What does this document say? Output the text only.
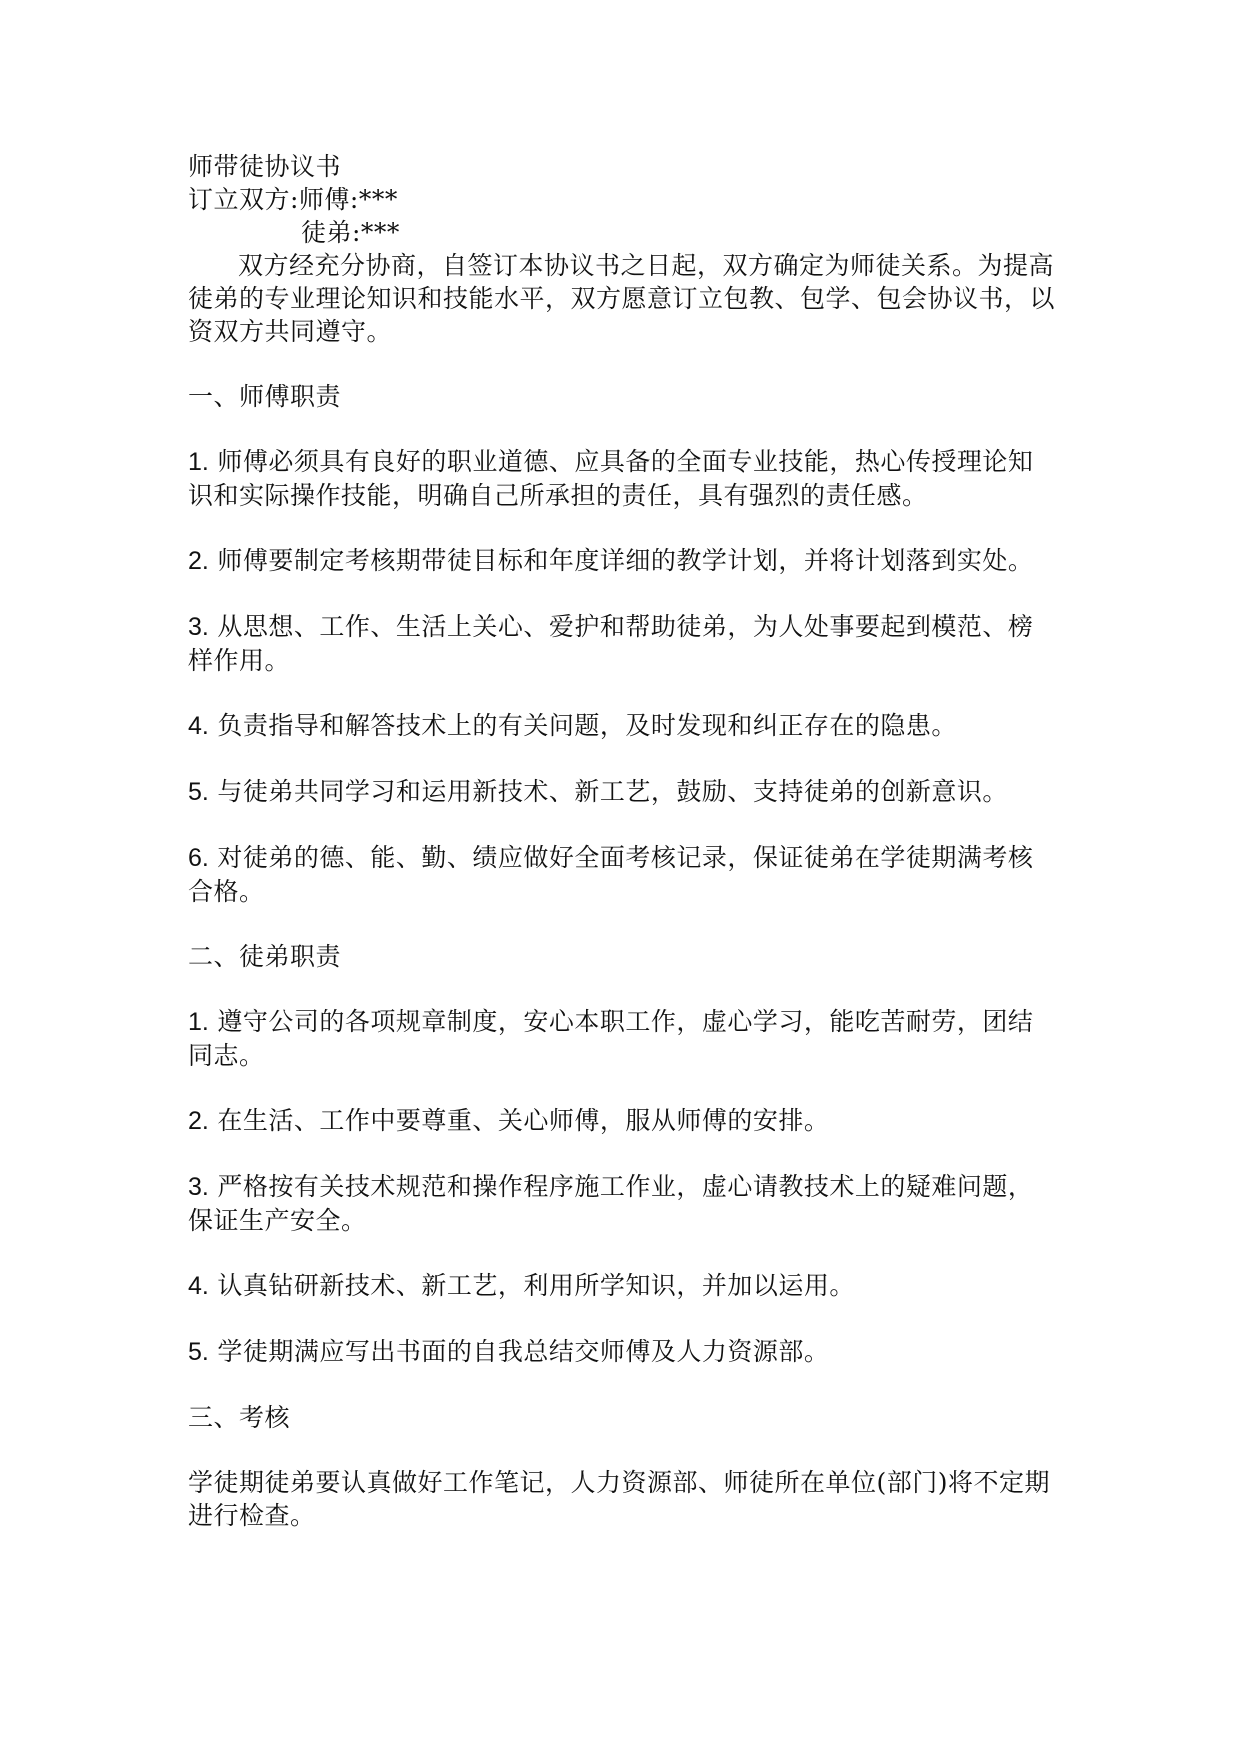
师带徒协议书
订立双方:师傅:***
徒弟:***

双方经充分协商，自签订本协议书之日起，双方确定为师徒关系。为提高徒弟的专业理论知识和技能水平，双方愿意订立包教、包学、包会协议书，以资双方共同遵守。

一、师傅职责

1. 师傅必须具有良好的职业道德、应具备的全面专业技能，热心传授理论知识和实际操作技能，明确自己所承担的责任，具有强烈的责任感。

2. 师傅要制定考核期带徒目标和年度详细的教学计划，并将计划落到实处。

3. 从思想、工作、生活上关心、爱护和帮助徒弟，为人处事要起到模范、榜样作用。

4. 负责指导和解答技术上的有关问题，及时发现和纠正存在的隐患。

5. 与徒弟共同学习和运用新技术、新工艺，鼓励、支持徒弟的创新意识。

6. 对徒弟的德、能、勤、绩应做好全面考核记录，保证徒弟在学徒期满考核合格。

二、徒弟职责

1. 遵守公司的各项规章制度，安心本职工作，虚心学习，能吃苦耐劳，团结同志。

2. 在生活、工作中要尊重、关心师傅，服从师傅的安排。

3. 严格按有关技术规范和操作程序施工作业，虚心请教技术上的疑难问题，保证生产安全。

4. 认真钻研新技术、新工艺，利用所学知识，并加以运用。

5. 学徒期满应写出书面的自我总结交师傅及人力资源部。

三、考核

学徒期徒弟要认真做好工作笔记，人力资源部、师徒所在单位(部门)将不定期进行检查。
